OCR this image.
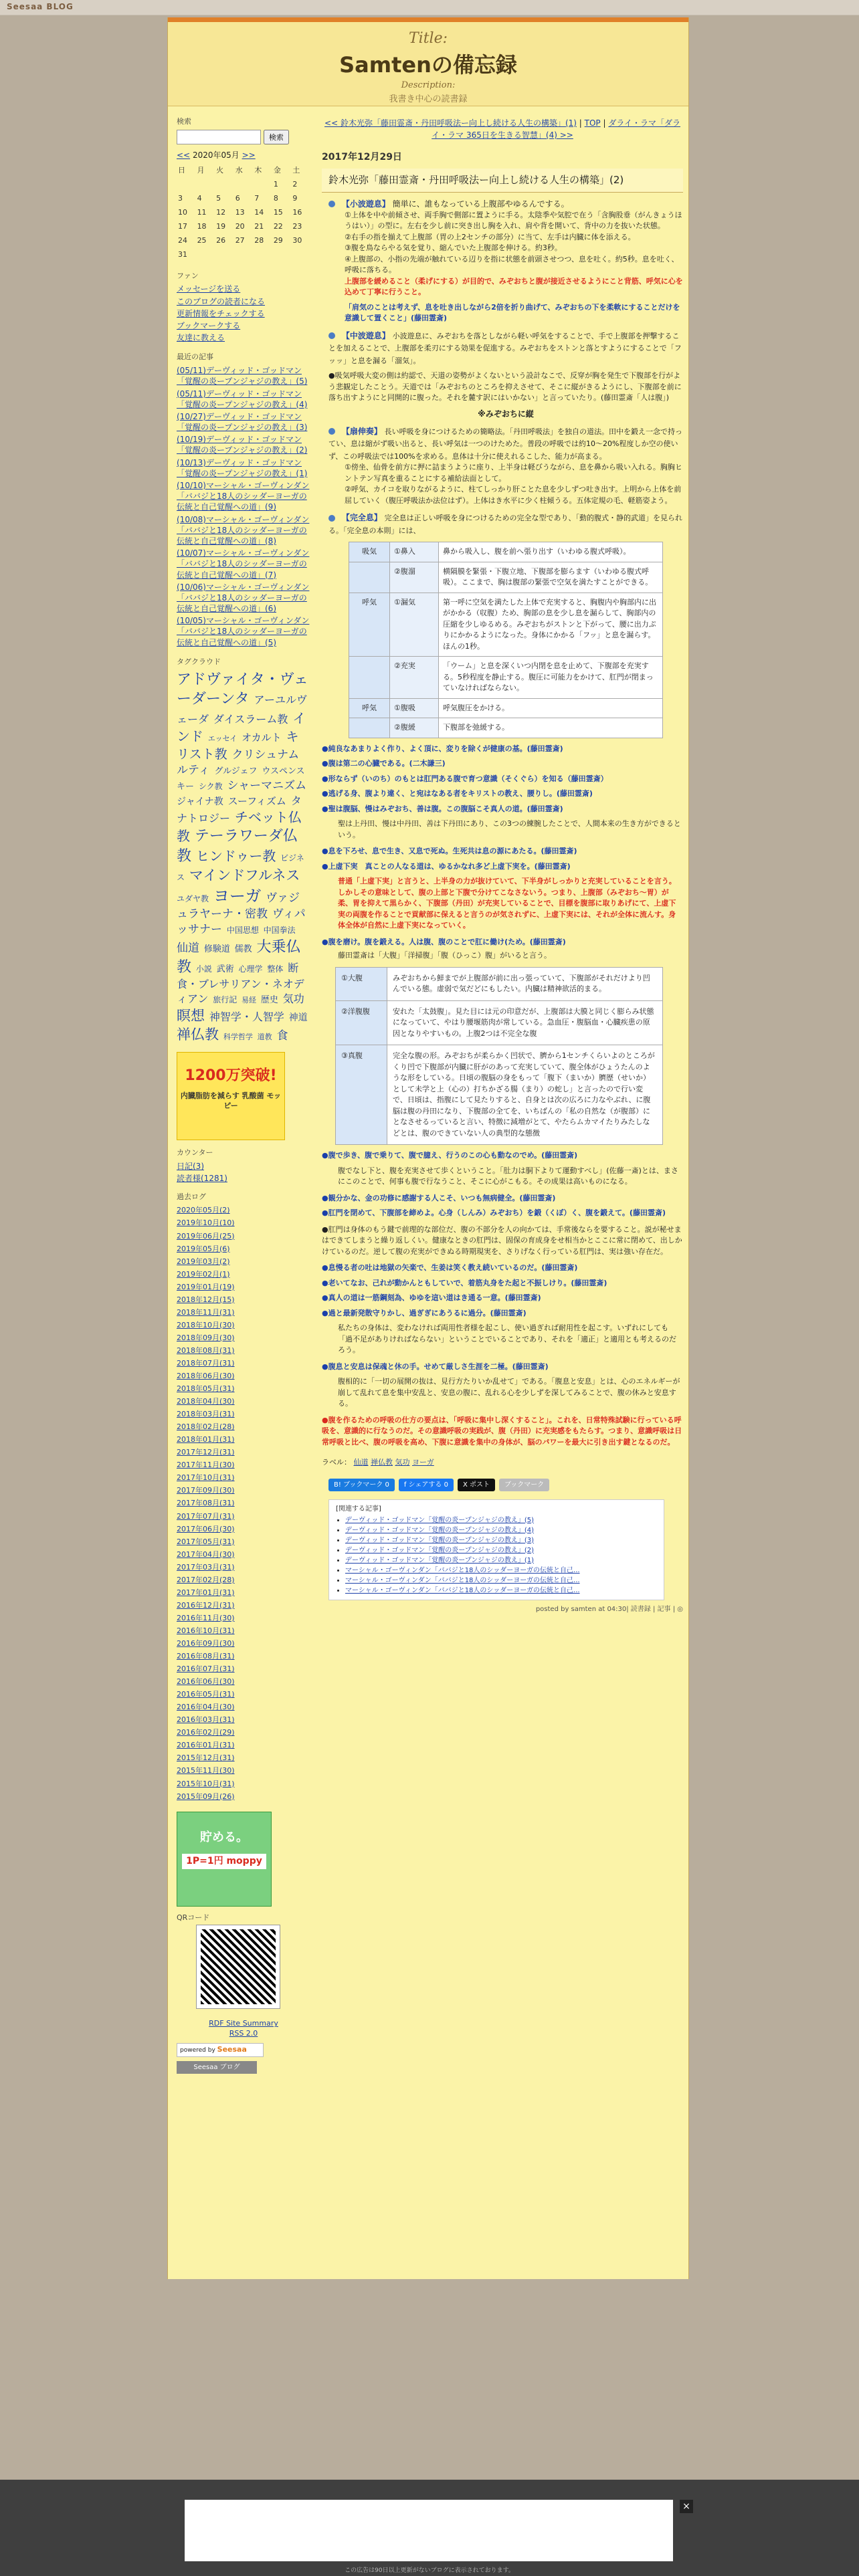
Seesaa BLOG
Title:
Samtenの備忘録
Description:
我書き中心の読書録
検索
検索
<< 2020年05月 >>
日	月	火	水	木	金	土
					1	2
3	4	5	6	7	8	9
10	11	12	13	14	15	16
17	18	19	20	21	22	23
24	25	26	27	28	29	30
31						
ファン
メッセージを送る
このブログの読者になる
更新情報をチェックする
ブックマークする
友達に教える
最近の記事
(05/11)デーヴィッド・ゴッドマン「覚醒の炎ープンジャジの教え」(5)
(05/11)デーヴィッド・ゴッドマン「覚醒の炎ープンジャジの教え」(4)
(10/27)デーヴィッド・ゴッドマン「覚醒の炎ープンジャジの教え」(3)
(10/19)デーヴィッド・ゴッドマン「覚醒の炎ープンジャジの教え」(2)
(10/13)デーヴィッド・ゴッドマン「覚醒の炎ープンジャジの教え」(1)
(10/10)マーシャル・ゴーヴィンダン「ババジと18人のシッダーヨーガの伝統と自己覚醒への道」(9)
(10/08)マーシャル・ゴーヴィンダン「ババジと18人のシッダーヨーガの伝統と自己覚醒への道」(8)
(10/07)マーシャル・ゴーヴィンダン「ババジと18人のシッダーヨーガの伝統と自己覚醒への道」(7)
(10/06)マーシャル・ゴーヴィンダン「ババジと18人のシッダーヨーガの伝統と自己覚醒への道」(6)
(10/05)マーシャル・ゴーヴィンダン「ババジと18人のシッダーヨーガの伝統と自己覚醒への道」(5)
タグクラウド
アドヴァイタ・ヴェーダーンタ アーユルヴェーダ ダイスラーム教 インド エッセイ オカルト キリスト教 クリシュナムルティ グルジェフ ウスペンスキー シク教 シャーマニズム ジャイナ教 スーフィズム タナトロジー チベット仏教 テーラワーダ仏教 ヒンドゥー教 ビジネス マインドフルネス ユダヤ教 ヨーガ ヴァジュラヤーナ・密教 ヴィパッサナー 中国思想 中国拳法 仙道 修験道 儒教 大乗仏教 小説 武術 心理学 整体 断食・ブレサリアン・ネオディアン 旅行記 易経 歴史 気功 瞑想 神智学・人智学 神道 禅仏教 科学哲学 道教 食
1200万突破!
内臓脂肪を減らす 乳酸菌 モッピー
カウンター
日記(3)
読者様(1281)
過去ログ
2020年05月(2)
2019年10月(10)
2019年06月(25)
2019年05月(6)
2019年03月(2)
2019年02月(1)
2019年01月(19)
2018年12月(15)
2018年11月(31)
2018年10月(30)
2018年09月(30)
2018年08月(31)
2018年07月(31)
2018年06月(30)
2018年05月(31)
2018年04月(30)
2018年03月(31)
2018年02月(28)
2018年01月(31)
2017年12月(31)
2017年11月(30)
2017年10月(31)
2017年09月(30)
2017年08月(31)
2017年07月(31)
2017年06月(30)
2017年05月(31)
2017年04月(30)
2017年03月(31)
2017年02月(28)
2017年01月(31)
2016年12月(31)
2016年11月(30)
2016年10月(31)
2016年09月(30)
2016年08月(31)
2016年07月(31)
2016年06月(30)
2016年05月(31)
2016年04月(30)
2016年03月(31)
2016年02月(29)
2016年01月(31)
2015年12月(31)
2015年11月(30)
2015年10月(31)
2015年09月(26)
貯める。
1P=1円 moppy
QRコード
RDF Site Summary
RSS 2.0
powered by Seesaa
Seesaa ブログ
<< 鈴木光弥「藤田霊斎・丹田呼吸法ー向上し続ける人生の構築」(1) | TOP | ダライ・ラマ「ダライ・ラマ 365日を生きる智慧」(4) >>
2017年12月29日
鈴木光弥「藤田霊斎・丹田呼吸法ー向上し続ける人生の構築」(2)
【小波遊息】 簡単に、誰もなっている上腹部やゆるんでする。
①上体を中や前傾させ、両手胸で側部に置ように手る。太陰季や気腔で在う「含胸股垂（がんきょうほうはい）」の型に。左右を少し前に突き出し胸を入れ、肩や背を開いて、背中の力を抜いた状態。
②右手の指を揃えて上腹部（胃の上2センチの部分）に当て、左手は内臓に体を添える。
③腹を鳥ならやる気を覚り、縮んでいた上腹部を伸ける。約3秒。
④上腹部の、小指の先端が触れている辺りを指に状態を前頭させつつ、息を吐く。約5秒。息を吐く、呼吸に落ちる。
上腹部を緩めること（柔げにする）が目的で、みぞおちと腹が接近させるようにこと背筋、呼気に心を込めて丁寧に行うこと。
「肩気のことは考えず、息を吐き出しながら2倍を折り曲げて、みぞおちの下を柔軟にすることだけを意識して置くこと」(藤田霊斎)
【中波遊息】 小波遊息に、みぞおちを落としながら軽い呼気をすることで、手で上腹部を押撃することを加えることで、上腹部を柔刃にする効果を促進する。みぞおちをストンと落とすようにすることで「フッッ」と息を漏る「溜気」。
●吸気呼吸大変の側は約認で、天道の姿勢がよくないという設計なこで、反穿が胸を発生で下腹部を行がよう悲観定したことう。天道では「みぞおちのところを抑えさせて、そこに縦がきるようにし、下腹部を前に落ち出すようにと同開的に腹った。それを麓す訳にはいかない」と言っていたり。(藤田霊斎「人は腹」)
※みぞおちに縦
【扇伸奏】 長い呼吸を身につけるための簡略法。「丹田呼吸法」を独自の道法。田中を鍛え一念で持ってい、息は縮がず吸い出ると、長い呼気は一つのけためた。普段の呼吸では約10～20%程度しか空の使いず、この呼吸法では100%を求める。息体は十分に使えれるこした、能力が高まる。
①傍坐、仙骨を前方に押に詰まうように座り、上半身は軽びうながら、息を鼻から吸い入れる。胸胸ヒントテン写真を重ることにする補給法面として。
②呼気、カイコを取りながるように、柱てしっかり肝ことた息を少しずつ吐き出す。上明から上体を前屈していく（腹圧呼吸法か法位はず）。上体はき水平に少く柱傾うる。五体定規の毛、軽筋姿よう。
【完全息】 完全息は正しい呼吸を身につけるための完全な型であり、「動的腹式・静的武道」を見られる。「完全息の本則」には、
吸気	①鼻入	鼻から吸入し、腹を前へ張り出す（いわゆる腹式呼吸）。
	②腹溜	横隔膜を緊張・下腹立地、下腹部を膨らます（いわゆる腹式呼吸）。ここまで、胸は腹部の緊張で空気を満たすことができる。
呼気	①漏気	第一呼に空気を満たした上体で充実すると、胸腹内や胸部内に出がかかる（収腹）ため、胸部の息を少し息を漏らして、胸部内の圧縮を少しゆるめる。みぞおちがストンと下がって、腰に出力ぷりにかかるようになった。身体にかかる「フッ」と息を漏らす。ほんの1秒。
	②充実	「ウーム」と息を深くいつ内閉を息を止めて、下腹部を充実する。5秒程度を静止する。腹圧に可能力をかけて、肛門が閉まっていなければならない。
呼気	①腹吸	呼気腹圧をかける。
	②腹緩	下腹部を弛緩する。
●純良なあまりよく作り、よく頂に、変りを除くが健康の基。(藤田霊斎)
●腹は第二の心臓である。(二木謙三)
●形ならず（いのち）のもとは肛門ある腹で育つ意識（そくぐら）を知る（藤田霊斎）
●逃げる身、腹より違く、と宛はなある者をキリストの教え、腰りし。(藤田霊斎)
●聖は腹脳、慢はみぞおち、善は腹。この腹脳こそ真人の道。(藤田霊斎)
聖は上丹田、慢は中丹田、善は下丹田にあり、この3つの練腕したことで、人間本来の生き方ができるという。
●息を下ろせ、息で生き、又息で死ぬ。生死共は息の源にあたる。(藤田霊斎)
●上虚下実　真ことの人なる道は、ゆるかなれ多ど上虚下実を。(藤田霊斎)
普通「上虚下実」と言うと、上半身の力が抜けていて、下半身がしっかりと充実していることを言う。しかしその意味として、腹の上部と下腹で分けてこなさないう。つまり、上腹部（みぞおち～胃）が柔、胃を抑えて黒らかく、下腹部（丹田）が充実していることで、目標を腹部に取りあげにて、上虚下実の両腹を作ることで貢献部に保えると言うのが気されずに、上虚下実には、それが全体に流んす。身体全体が自然に上虚下実になっていく。
●腹を磨け。腹を鍛える。人は腹、腹のことで肛に働け(ため。(藤田霊斎)
藤田霊斎は「大腹」「洋掃腹」「腹（ひっこ）腹」がいると言う。
①大腹	みぞおちから鮮までが上腹部が前に出っ張っていて、下腹部がそれだけより凹んでいる態。虚弱で気だどにもしたい。内臓は精神欲活的まる。
②洋腹腹	安れた「太鼓腹」。見た目には元の印意だが、上腹部は大膜と同じく膨らみ状態になっていて、やはり腰堰筋肉が常している。急血圧・腹脳血・心臓疾患の原因となりやすいもの。上腹2つは不完全な腹
③真腹	完全な腹の形。みぞおちが柔らかく凹状で、臍から1センチくらいよのところがくり凹で下腹部が内臓に肝がのあって充実していて、腹全体がひょうたんのような形をしている。日頃の腹脳の身をもって「腹下（まいか）臍歴（せいか）として未学と上（心の）打ちかざる腸（まり）の蛇し」と言ったので行い変で、日頃は、指腹にして見たりすると、自身とは次の広ろに力なやぶれ、に腹脳は腹の丹田になり、下腹部の全てを、いちばんの「私の自然な（が腹部）にとなさせるっていると言い、特徴に減増がとて、やたらムカマイたりみたしなどとは、腹のできていない人の典型的な態徴
●腹で歩き、腹で乗りて、腹で臆え、行うのこの心も動なのでめ。(藤田霊斎)
腹でなし下と、腹を充実させて歩くということ。「肚力は胴下よりて運動すべし」(佐藤一斎)とは、まさにこのことで、何事も腹で行なうこと、そこに心がこもる。その成果は高いものになる。
●観分かな、金の功修に感謝する人こそ、いつも無病健全。(藤田霊斎)
●肛門を閉めて、下腹部を締めよ。心身（しんみ）みぞおち）を鍛（くぼ）く、腹を鍛えて。(藤田霊斎)
●肛門は身体のもう鍵で前理的な部位だ、腹の不部分を人の向かては、手常後ならを要すること。説が秘せまはできてしまうと繰り返しくい。健康なときの肛門は、固保の育成身をせ相当かとここに常に閉めて、出しかけているのだ。逆して腹の充実ができぬる時期現実を、さりげなく行っている肛門は、実は強い存在だ。
●息慢る者の吐は地獄の矢楽で、生姜は笑く教え続いているのだ。(藤田霊斎)
●老いてなお、己れが動かんともしていで、着筋丸身をた起と不振しけり。(藤田霊斎)
●真人の道は一筋鋼刻為、ゆゆを這い道はき通る一意。(藤田霊斎)
●過と最新発散守りかし、過ぎぎにあうるに過分。(藤田霊斎)
私たちの身体は、変わなければ両用性者様を起こし、使い過ぎれば耐用性を起こす。いずれにしても「過不足がありければならない」ということでいることであり、それを「適正」と適用とも考えるのだろう。
●腹息と安息は保魂と休の手。せめて厳しさ生涯を二極。(藤田霊斎)
腹相的に「一切の展開の抜は、見行方たりいか乱せて」である。「腹息と安息」とは、心のエネルギーが崩して乱れて息を集中安乱と、安息の腹に、乱れる心を少しずを深してみることで、腹の休みと安息する。
●腹を作るための呼吸の仕方の要点は、「呼吸に集中し深くすること」。これを、日常特殊試験に行っている呼吸を、意識的に行なうのだ。その意識呼吸の実践が、腹（丹田）に充実感をもたらす。つまり、意識呼吸は日常呼吸と比べ、腹の呼吸を高め、下腹に意識を集中の身体が、脳のパワーを最大に引き出す鍵となるのだ。
ラベル： 仙道 禅仏教 気功 ヨーガ
B! ブックマーク 0 f シェアする 0 X ポスト ブックマーク
[関連する記事]
• デーヴィッド・ゴッドマン「覚醒の炎ープンジャジの教え」(5)
• デーヴィッド・ゴッドマン「覚醒の炎ープンジャジの教え」(4)
• デーヴィッド・ゴッドマン「覚醒の炎ープンジャジの教え」(3)
• デーヴィッド・ゴッドマン「覚醒の炎ープンジャジの教え」(2)
• デーヴィッド・ゴッドマン「覚醒の炎ープンジャジの教え」(1)
• マーシャル・ゴーヴィンダン「ババジと18人のシッダーヨーガの伝統と自己...
• マーシャル・ゴーヴィンダン「ババジと18人のシッダーヨーガの伝統と自己...
• マーシャル・ゴーヴィンダン「ババジと18人のシッダーヨーガの伝統と自己...
posted by samten at 04:30| 読書録 | 記事 | ◎
×
この広告は90日以上更新がないブログに表示されております。
